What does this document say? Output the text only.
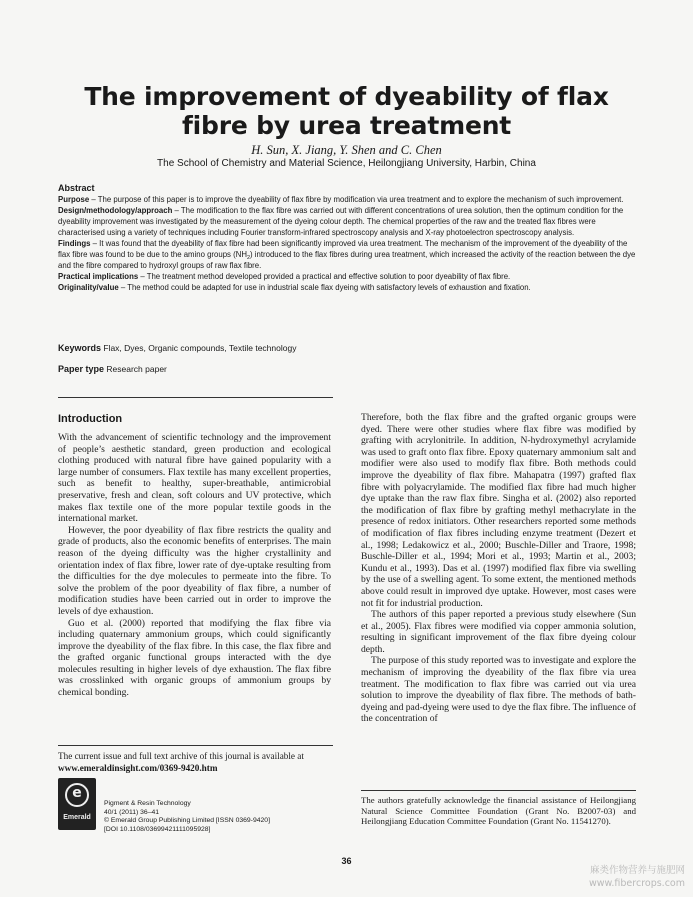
The improvement of dyeability of flax
fibre by urea treatment
H. Sun, X. Jiang, Y. Shen and C. Chen
The School of Chemistry and Material Science, Heilongjiang University, Harbin, China
Abstract

Purpose – The purpose of this paper is to improve the dyeability of flax fibre by modification via urea treatment and to explore the mechanism of such improvement.

Design/methodology/approach – The modification to the flax fibre was carried out with different concentrations of urea solution, then the optimum condition for the dyeability improvement was investigated by the measurement of the dyeing colour depth. The chemical properties of the raw and the treated flax fibres were characterised using a variety of techniques including Fourier transform-infrared spectroscopy analysis and X-ray photoelectron spectroscopy analysis.

Findings – It was found that the dyeability of flax fibre had been significantly improved via urea treatment. The mechanism of the improvement of the dyeability of the flax fibre was found to be due to the amino groups $(NH_2)$ introduced to the flax fibres during urea treatment, which increased the activity of the reaction between the dye and the fibre compared to hydroxyl groups of raw flax fibre.

Practical implications – The treatment method developed provided a practical and effective solution to poor dyeability of flax fibre.

Originality/value – The method could be adapted for use in industrial scale flax dyeing with satisfactory levels of exhaustion and fixation.

Keywords Flax, Dyes, Organic compounds, Textile technology
Paper type Research paper
Introduction

With the advancement of scientific technology and the improvement of people’s aesthetic standard, green production and ecological clothing produced with natural fibre have gained popularity with a large number of consumers. Flax textile has many excellent properties, such as benefit to healthy, super-breathable, antimicrobial preservative, fresh and clean, soft colours and UV protective, which makes flax textile one of the more popular textile goods in the international market.

However, the poor dyeability of flax fibre restricts the quality and grade of products, also the economic benefits of enterprises. The main reason of the dyeing difficulty was the higher crystallinity and orientation index of flax fibre, lower rate of dye-uptake resulting from the difficulties for the dye molecules to permeate into the fibre. To solve the problem of the poor dyeability of flax fibre, a number of modification studies have been carried out in order to improve the levels of dye exhaustion.

Guo et al. (2000) reported that modifying the flax fibre via including quaternary ammonium groups, which could significantly improve the dyeability of the flax fibre. In this case, the flax fibre and the grafted organic functional groups interacted with the dye molecules resulting in higher levels of dye exhaustion. The flax fibre was crosslinked with organic groups of ammonium groups by chemical bonding.

Therefore, both the flax fibre and the grafted organic groups were dyed. There were other studies where flax fibre was modified by grafting with acrylonitrile. In addition, N-hydroxymethyl acrylamide was used to graft onto flax fibre. Epoxy quaternary ammonium salt and modifier were also used to modify flax fibre. Both methods could improve the dyeability of flax fibre. Mahapatra (1997) grafted flax fibre with polyacrylamide. The modified flax fibre had much higher dye uptake than the raw flax fibre. Singha et al. (2002) also reported the modification of flax fibre by grafting methyl methacrylate in the presence of redox initiators. Other researchers reported some methods of modification of flax fibres including enzyme treatment (Dezert et al., 1998; Ledakowicz et al., 2000; Buschle-Diller and Traore, 1998; Buschle-Diller et al., 1994; Mori et al., 1993; Martin et al., 2003; Kundu et al., 1993). Das et al. (1997) modified flax fibre via swelling by the use of a swelling agent. To some extent, the mentioned methods above could result in improved dye uptake. However, most cases were not fit for industrial production.

The authors of this paper reported a previous study elsewhere (Sun et al., 2005). Flax fibres were modified via copper ammonia solution, resulting in significant improvement of the flax fibre dyeing colour depth.

The purpose of this study reported was to investigate and explore the mechanism of improving the dyeability of the flax fibre via urea treatment. The modification to flax fibre was carried out via urea solution to improve the dyeability of flax fibre. The methods of bath-dyeing and pad-dyeing were used to dye the flax fibre. The influence of the concentration of

The current issue and full text archive of this journal is available at
www.emeraldinsight.com/0369-9420.htm
e
Emerald
Pigment & Resin Technology
40/1 (2011) 36–41
© Emerald Group Publishing Limited [ISSN 0369-9420]
[DOI 10.1108/03699421111095928]
The authors gratefully acknowledge the financial assistance of Heilongjiang Natural Science Committee Foundation (Grant No. B2007-03) and Heilongjiang Education Committee Foundation (Grant No. 11541270).
36
麻类作物营养与施肥网
www.fibercrops.com
